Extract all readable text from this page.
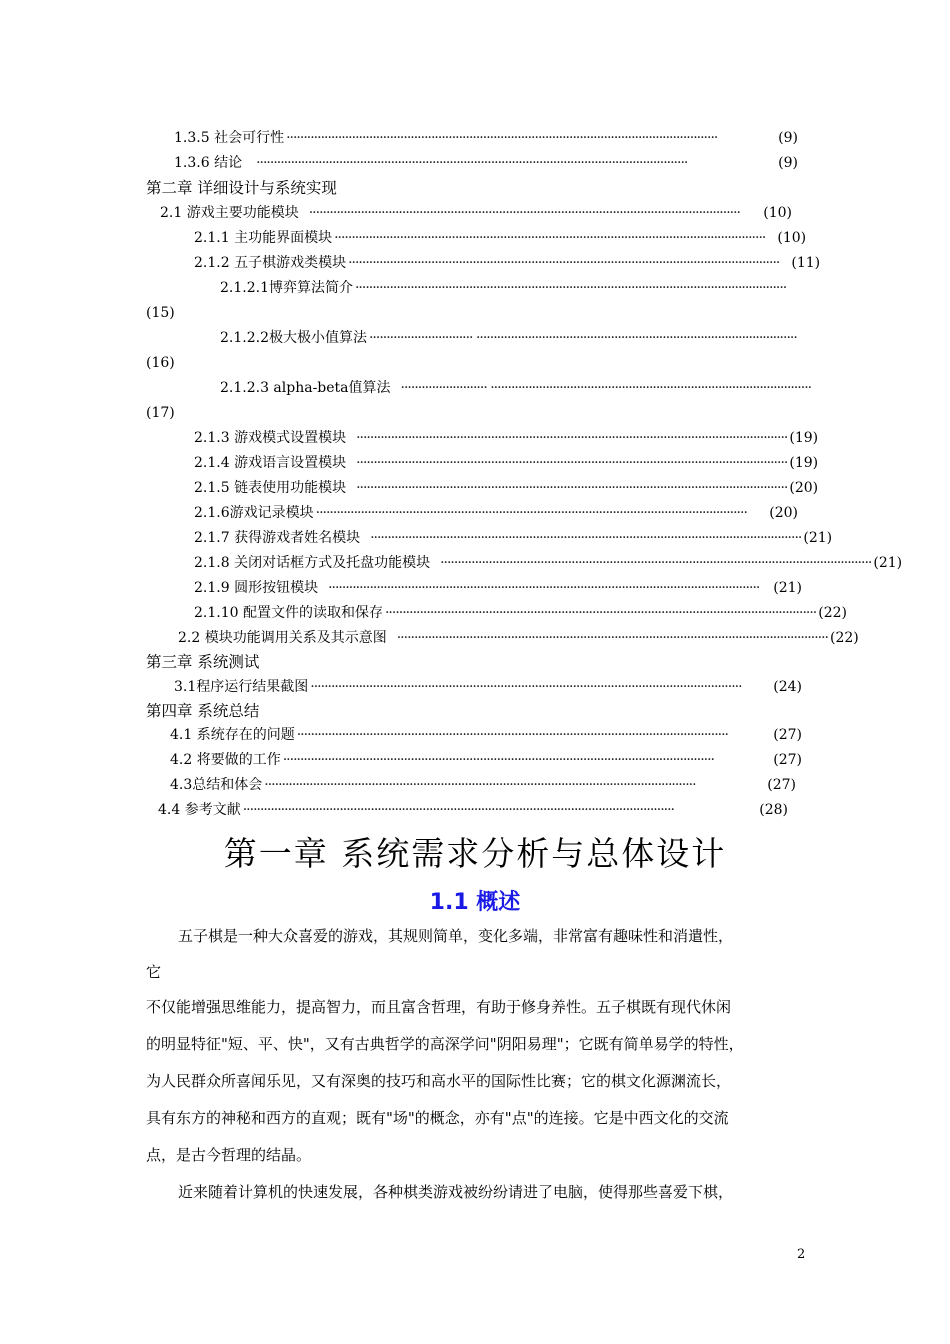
1.3.5 社会可行性 ·····························································································································	(9)
1.3.6 结论 ·····························································································································	(9)
第二章 详细设计与系统实现
2.1 游戏主要功能模块 ·····························································································································	(10)
2.1.1 主功能界面模块 ····························································································································· (10)
2.1.2 五子棋游戏类模块 ····························································································································· (11)
2.1.2.1博弈算法简介 ·····························································································································
(15)
2.1.2.2极大极小值算法 ······························ ·····························································································
(16)
2.1.2.3 alpha-beta值算法 ························· ·····························································································
(17)
2.1.3 游戏模式设置模块 ····························································································································· (19)
2.1.4 游戏语言设置模块 ····························································································································· (19)
2.1.5 链表使用功能模块 ····························································································································· (20)
2.1.6游戏记录模块 ·····························································································································	(20)
2.1.7 获得游戏者姓名模块 ····························································································································· (21)
2.1.8 关闭对话框方式及托盘功能模块 ····························································································································· (21)
2.1.9 圆形按钮模块 ····························································································································· (21)
2.1.10 配置文件的读取和保存 ····························································································································· (22)
2.2 模块功能调用关系及其示意图 ····························································································································· (22)
第三章 系统测试
3.1程序运行结果截图 ·····························································································································	(24)
第四章 系统总结
4.1 系统存在的问题 ·····························································································································	(27)
4.2 将要做的工作 ·····························································································································	(27)
4.3总结和体会 ·····························································································································	(27)
4.4 参考文献 ·····························································································································	(28)
第一章 系统需求分析与总体设计
1.1 概述
五子棋是一种大众喜爱的游戏，其规则简单，变化多端，非常富有趣味性和消遣性，
它
不仅能增强思维能力，提高智力，而且富含哲理，有助于修身养性。五子棋既有现代休闲
的明显特征"短、平、快"，又有古典哲学的高深学问"阴阳易理"；它既有简单易学的特性，
为人民群众所喜闻乐见，又有深奥的技巧和高水平的国际性比赛；它的棋文化源渊流长，
具有东方的神秘和西方的直观；既有"场"的概念，亦有"点"的连接。它是中西文化的交流
点，是古今哲理的结晶。
近来随着计算机的快速发展，各种棋类游戏被纷纷请进了电脑，使得那些喜爱下棋，
2
